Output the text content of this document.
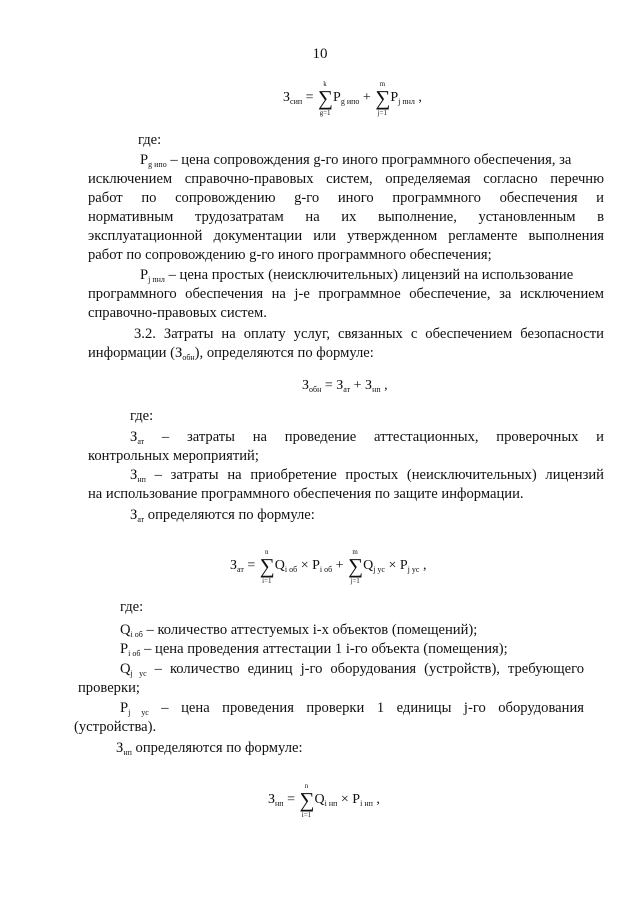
10
$З_{сип}$ = ∑
k
g=1
$P_{g ипо}$ + ∑
m
j=1
$P_{j пнл}$ ,
где:
$P_{g ипо}$ – цена сопровождения g-го иного программного обеспечения, за
исключением справочно-правовых систем, определяемая согласно перечню
работ по сопровождению g-го иного программного обеспечения и
нормативным трудозатратам на их выполнение, установленным в
эксплуатационной документации или утвержденном регламенте выполнения
работ по сопровождению g-го иного программного обеспечения;
$P_{j пнл}$ – цена простых (неисключительных) лицензий на использование
программного обеспечения на j-е программное обеспечение, за исключением
справочно-правовых систем.
3.2. Затраты на оплату услуг, связанных с обеспечением безопасности
информации $(З_{обн})$, определяются по формуле:
$З_{обн} = З_{ат} + З_{нп}$ ,
где:
$З_{ат}$ – затраты на проведение аттестационных, проверочных и
контрольных мероприятий;
$З_{нп}$ – затраты на приобретение простых (неисключительных) лицензий
на использование программного обеспечения по защите информации.
$З_{ат}$ определяются по формуле:
$З_{ат}$ = ∑
n
i=1
$Q_{i об} \times P_{i об}$ + ∑
m
j=1
$Q_{j ус} \times P_{j ус}$ ,
где:
$Q_{i об}$ – количество аттестуемых i-х объектов (помещений);
$P_{i об}$ – цена проведения аттестации 1 i-го объекта (помещения);
$Q_{j ус}$ – количество единиц j-го оборудования (устройств), требующего
проверки;
$P_{j ус}$ – цена проведения проверки 1 единицы j-го оборудования
(устройства).
$З_{нп}$ определяются по формуле:
$З_{нп}$ = ∑
n
i=1
$Q_{i нп} \times P_{i нп}$ ,
